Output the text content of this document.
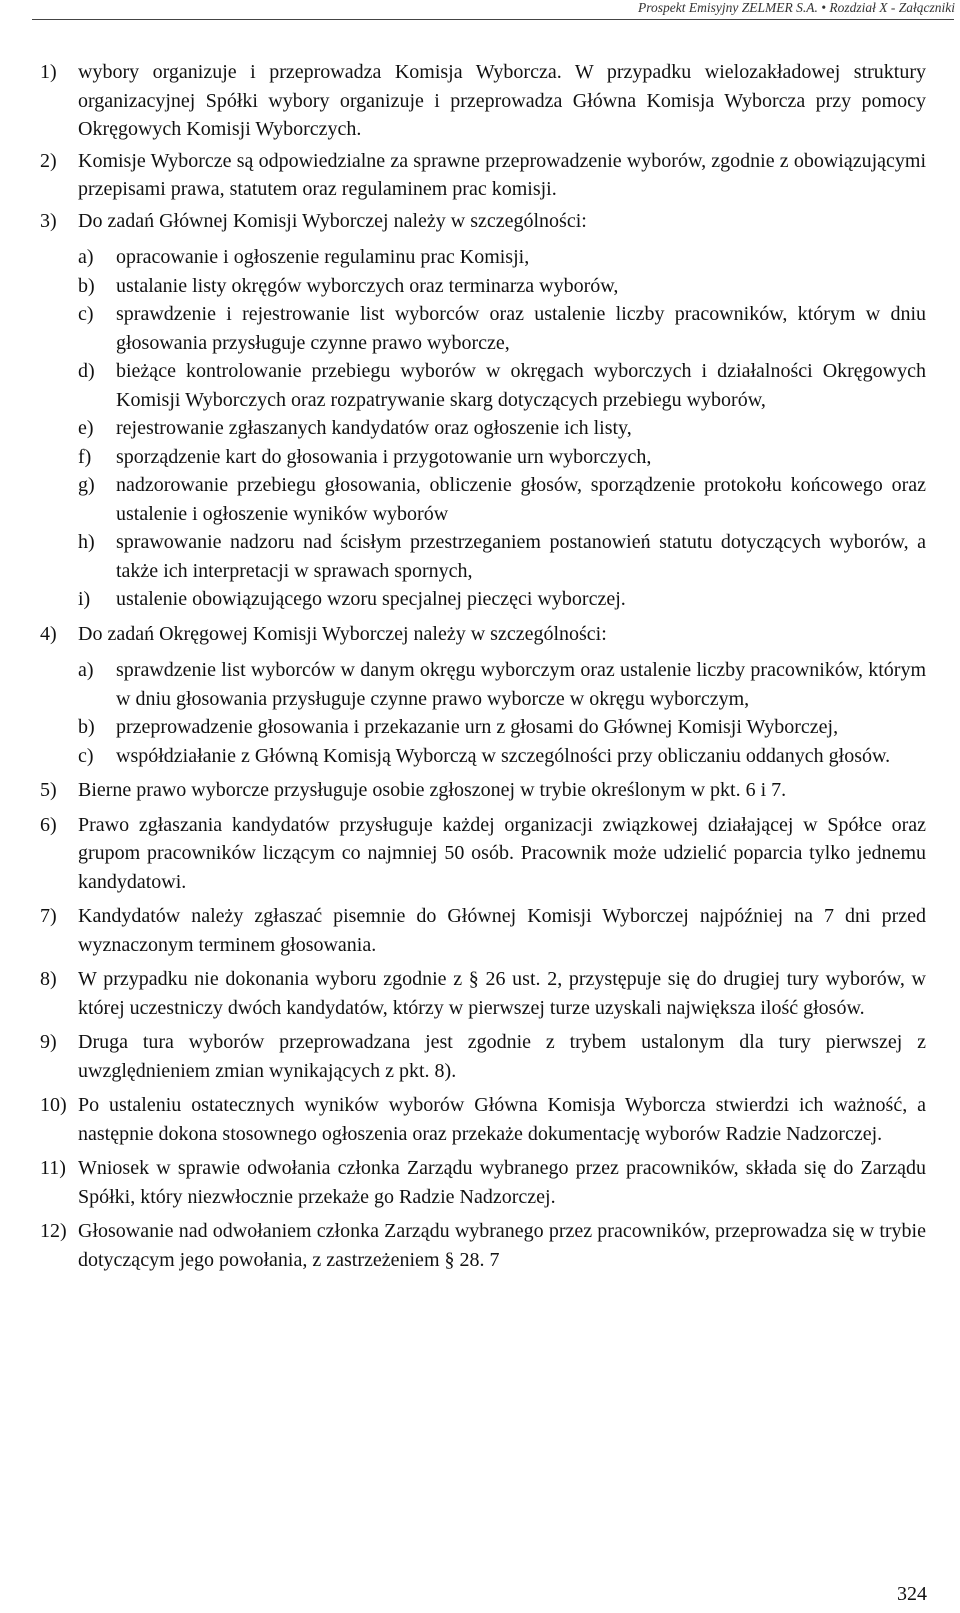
Prospekt Emisyjny ZELMER S.A. • Rozdział X - Załączniki
1)	wybory organizuje i przeprowadza Komisja Wyborcza. W przypadku wielozakładowej struktury organizacyjnej Spółki wybory organizuje i przeprowadza Główna Komisja Wyborcza przy pomocy Okręgowych Komisji Wyborczych.
2)	Komisje Wyborcze są odpowiedzialne za sprawne przeprowadzenie wyborów, zgodnie z obowiązującymi przepisami prawa, statutem oraz regulaminem prac komisji.
3)	Do zadań Głównej Komisji Wyborczej należy w szczególności:
a)	opracowanie i ogłoszenie regulaminu prac Komisji,
b)	ustalanie listy okręgów wyborczych oraz terminarza wyborów,
c)	sprawdzenie i rejestrowanie list wyborców oraz ustalenie liczby pracowników, którym w dniu głosowania przysługuje czynne prawo wyborcze,
d)	bieżące kontrolowanie przebiegu wyborów w okręgach wyborczych i działalności Okręgowych Komisji Wyborczych oraz rozpatrywanie skarg dotyczących przebiegu wyborów,
e)	rejestrowanie zgłaszanych kandydatów oraz ogłoszenie ich listy,
f)	sporządzenie kart do głosowania i przygotowanie urn wyborczych,
g)	nadzorowanie przebiegu głosowania, obliczenie głosów, sporządzenie protokołu końcowego oraz ustalenie i ogłoszenie wyników wyborów
h)	sprawowanie nadzoru nad ścisłym przestrzeganiem postanowień statutu dotyczących wyborów, a także ich interpretacji w sprawach spornych,
i)	ustalenie obowiązującego wzoru specjalnej pieczęci wyborczej.
4)	Do zadań Okręgowej Komisji Wyborczej należy w szczególności:
a)	sprawdzenie list wyborców w danym okręgu wyborczym oraz ustalenie liczby pracowników, którym w dniu głosowania przysługuje czynne prawo wyborcze w okręgu wyborczym,
b)	przeprowadzenie głosowania i przekazanie urn z głosami do Głównej Komisji Wyborczej,
c)	współdziałanie z Główną Komisją Wyborczą w szczególności przy obliczaniu oddanych głosów.
5)	Bierne prawo wyborcze przysługuje osobie zgłoszonej w trybie określonym w pkt. 6 i 7.
6)	Prawo zgłaszania kandydatów przysługuje każdej organizacji związkowej działającej w Spółce oraz grupom pracowników liczącym co najmniej 50 osób. Pracownik może udzielić poparcia tylko jednemu kandydatowi.
7)	Kandydatów należy zgłaszać pisemnie do Głównej Komisji Wyborczej najpóźniej na 7 dni przed wyznaczonym terminem głosowania.
8)	W przypadku nie dokonania wyboru zgodnie z § 26 ust. 2, przystępuje się do drugiej tury wyborów, w której uczestniczy dwóch kandydatów, którzy w pierwszej turze uzyskali największa ilość głosów.
9)	Druga tura wyborów przeprowadzana jest zgodnie z trybem ustalonym dla tury pierwszej z uwzględnieniem zmian wynikających z pkt. 8).
10) Po ustaleniu ostatecznych wyników wyborów Główna Komisja Wyborcza stwierdzi ich ważność, a następnie dokona stosownego ogłoszenia oraz przekaże dokumentację wyborów Radzie Nadzorczej.
11) Wniosek w sprawie odwołania członka Zarządu wybranego przez pracowników, składa się do Zarządu Spółki, który niezwłocznie przekaże go Radzie Nadzorczej.
12) Głosowanie nad odwołaniem członka Zarządu wybranego przez pracowników, przeprowadza się w trybie dotyczącym jego powołania, z zastrzeżeniem § 28. 7
324
